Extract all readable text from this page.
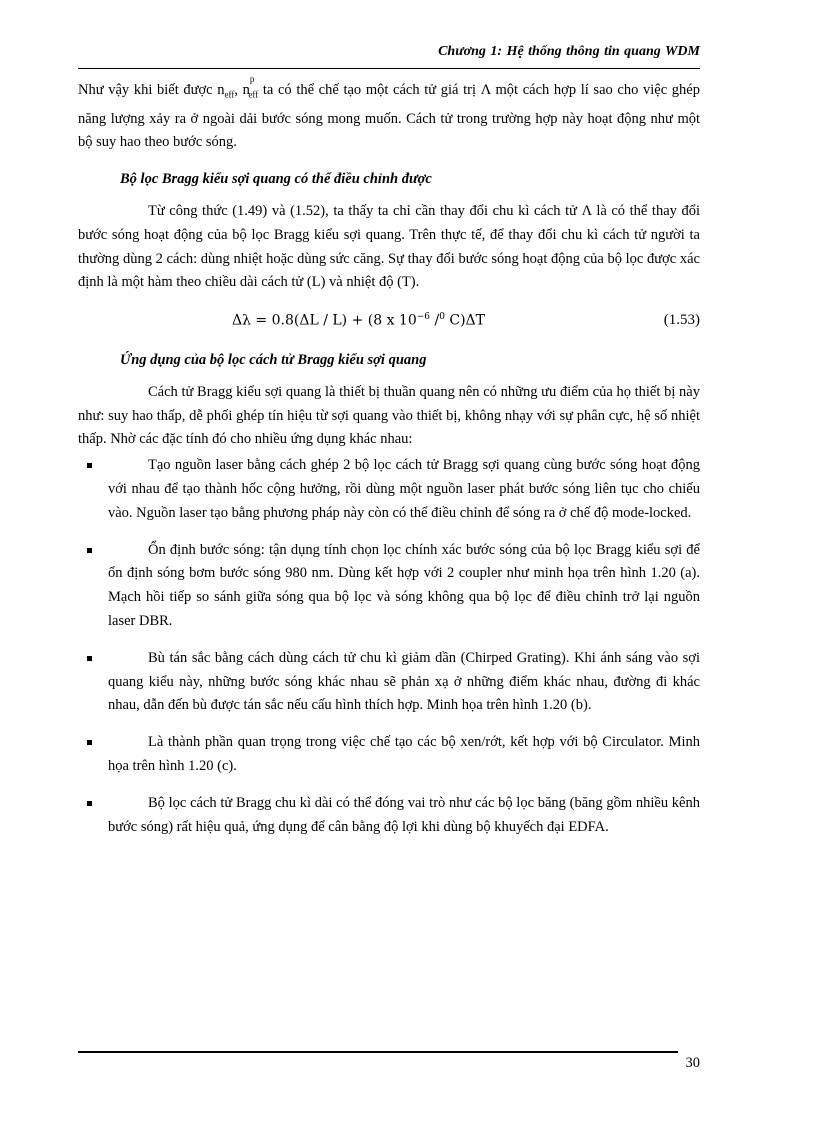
Chương 1: Hệ thống thông tin quang WDM

Như vậy khi biết được $n_{eff}$, $n^p_{eff}$ ta có thể chế tạo một cách tử giá trị Λ một cách hợp lí sao cho việc ghép năng lượng xảy ra ở ngoài dải bước sóng mong muốn. Cách tử trong trường hợp này hoạt động như một bộ suy hao theo bước sóng.

Bộ lọc Bragg kiểu sợi quang có thể điều chỉnh được

Từ công thức (1.49) và (1.52), ta thấy ta chỉ cần thay đổi chu kì cách tử Λ là có thể thay đổi bước sóng hoạt động của bộ lọc Bragg kiểu sợi quang. Trên thực tế, để thay đổi chu kì cách tử người ta thường dùng 2 cách: dùng nhiệt hoặc dùng sức căng. Sự thay đổi bước sóng hoạt động của bộ lọc được xác định là một hàm theo chiều dài cách tử (L) và nhiệt độ (T).

Δλ = 0.8(ΔL / L) + (8 x $10^{-6}$ /$^0$ C)ΔT	(1.53)

Ứng dụng của bộ lọc cách tử Bragg kiểu sợi quang

Cách tử Bragg kiểu sợi quang là thiết bị thuần quang nên có những ưu điểm của họ thiết bị này như: suy hao thấp, dễ phối ghép tín hiệu từ sợi quang vào thiết bị, không nhạy với sự phân cực, hệ số nhiệt thấp. Nhờ các đặc tính đó cho nhiều ứng dụng khác nhau:

Tạo nguồn laser bằng cách ghép 2 bộ lọc cách tử Bragg sợi quang cùng bước sóng hoạt động với nhau để tạo thành hốc cộng hưởng, rồi dùng một nguồn laser phát bước sóng liên tục cho chiếu vào. Nguồn laser tạo bằng phương pháp này còn có thể điều chỉnh để sóng ra ở chế độ mode-locked.

Ổn định bước sóng: tận dụng tính chọn lọc chính xác bước sóng của bộ lọc Bragg kiểu sợi để ổn định sóng bơm bước sóng 980 nm. Dùng kết hợp với 2 coupler như minh họa trên hình 1.20 (a). Mạch hồi tiếp so sánh giữa sóng qua bộ lọc và sóng không qua bộ lọc để điều chỉnh trở lại nguồn laser DBR.

Bù tán sắc bằng cách dùng cách tử chu kì giảm dần (Chirped Grating). Khi ánh sáng vào sợi quang kiểu này, những bước sóng khác nhau sẽ phản xạ ở những điểm khác nhau, đường đi khác nhau, dẫn đến bù được tán sắc nếu cấu hình thích hợp. Minh họa trên hình 1.20 (b).

Là thành phần quan trọng trong việc chế tạo các bộ xen/rớt, kết hợp với bộ Circulator. Minh họa trên hình 1.20 (c).

Bộ lọc cách tử Bragg chu kì dài có thể đóng vai trò như các bộ lọc băng (băng gồm nhiều kênh bước sóng) rất hiệu quả, ứng dụng để cân bằng độ lợi khi dùng bộ khuyếch đại EDFA.

30
